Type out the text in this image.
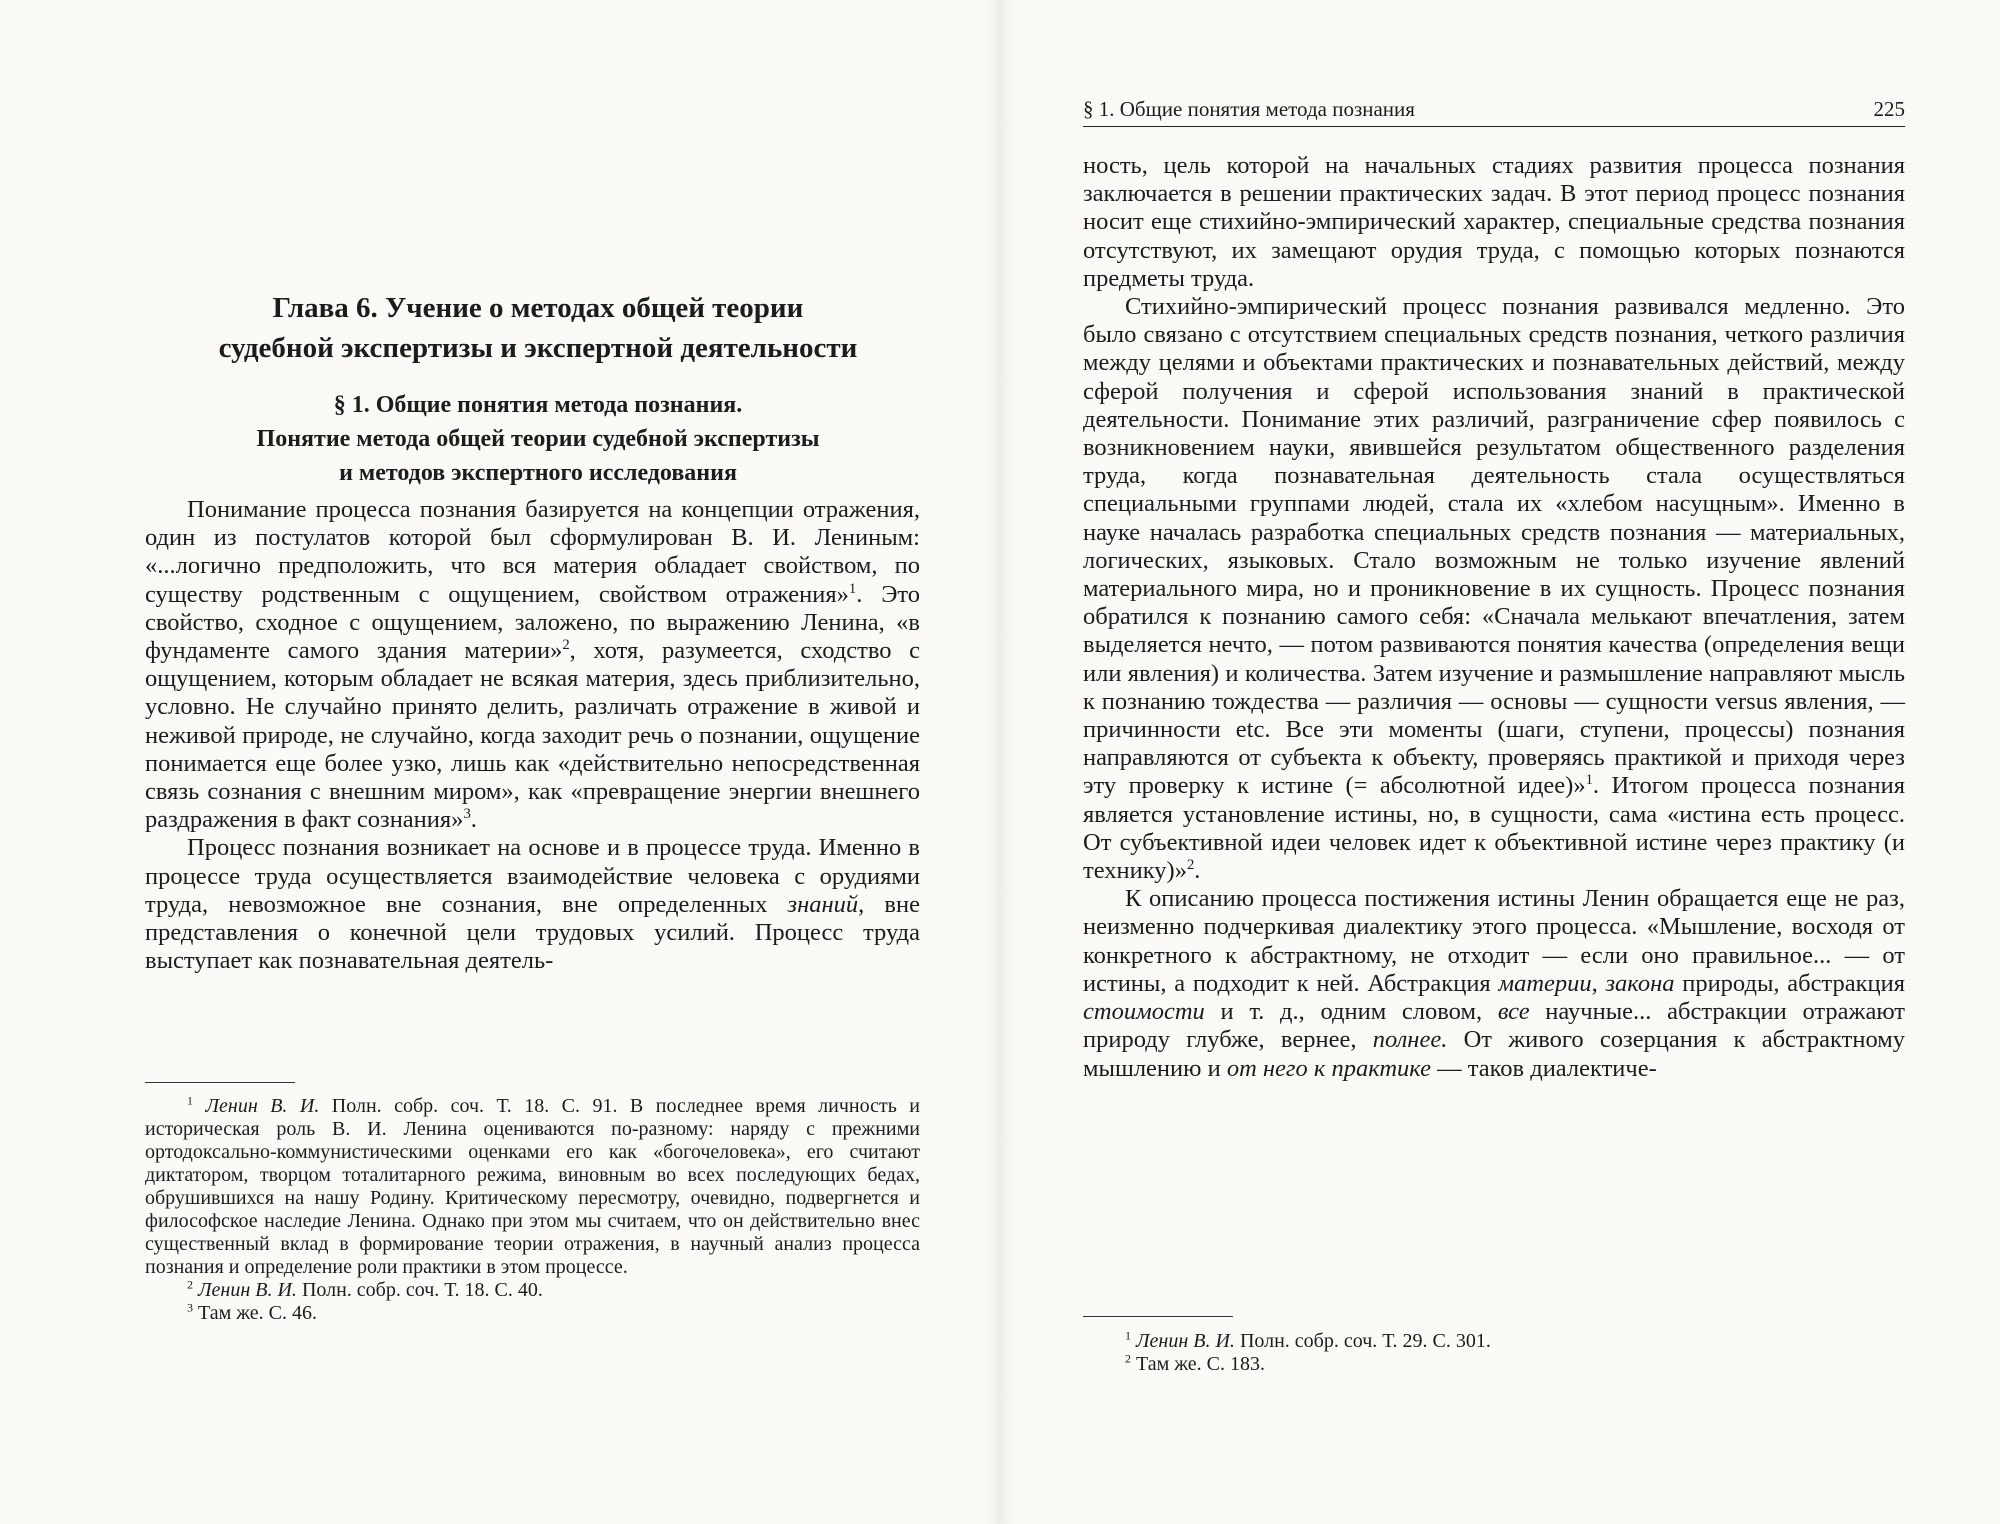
Глава 6. Учение о методах общей теории
судебной экспертизы и экспертной деятельности
§ 1. Общие понятия метода познания.
Понятие метода общей теории судебной экспертизы
и методов экспертного исследования

Понимание процесса познания базируется на концепции отражения, один из постулатов которой был сформулирован В. И. Лениным: «...логично предположить, что вся материя обладает свойством, по существу родственным с ощущением, свойством отражения»$^1$. Это свойство, сходное с ощущением, заложено, по выражению Ленина, «в фундаменте самого здания материи»$^2$, хотя, разумеется, сходство с ощущением, которым обладает не всякая материя, здесь приблизительно, условно. Не случайно принято делить, различать отражение в живой и неживой природе, не случайно, когда заходит речь о познании, ощущение понимается еще более узко, лишь как «действительно непосредственная связь сознания с внешним миром», как «превращение энергии внешнего раздражения в факт сознания»$^3$.

Процесс познания возникает на основе и в процессе труда. Именно в процессе труда осуществляется взаимодействие человека с орудиями труда, невозможное вне сознания, вне определенных знаний, вне представления о конечной цели трудовых усилий. Процесс труда выступает как познавательная деятель-

$^1$ Ленин В. И. Полн. собр. соч. Т. 18. С. 91. В последнее время личность и историческая роль В. И. Ленина оцениваются по-разному: наряду с прежними ортодоксально-коммунистическими оценками его как «богочеловека», его считают диктатором, творцом тоталитарного режима, виновным во всех последующих бедах, обрушившихся на нашу Родину. Критическому пересмотру, очевидно, подвергнется и философское наследие Ленина. Однако при этом мы считаем, что он действительно внес существенный вклад в формирование теории отражения, в научный анализ процесса познания и определение роли практики в этом процессе.

$^2$ Ленин В. И. Полн. собр. соч. Т. 18. С. 40.

$^3$ Там же. С. 46.

§ 1. Общие понятия метода познания	225

ность, цель которой на начальных стадиях развития процесса познания заключается в решении практических задач. В этот период процесс познания носит еще стихийно-эмпирический характер, специальные средства познания отсутствуют, их замещают орудия труда, с помощью которых познаются предметы труда.

Стихийно-эмпирический процесс познания развивался медленно. Это было связано с отсутствием специальных средств познания, четкого различия между целями и объектами практических и познавательных действий, между сферой получения и сферой использования знаний в практической деятельности. Понимание этих различий, разграничение сфер появилось с возникновением науки, явившейся результатом общественного разделения труда, когда познавательная деятельность стала осуществляться специальными группами людей, стала их «хлебом насущным». Именно в науке началась разработка специальных средств познания — материальных, логических, языковых. Стало возможным не только изучение явлений материального мира, но и проникновение в их сущность. Процесс познания обратился к познанию самого себя: «Сначала мелькают впечатления, затем выделяется нечто, — потом развиваются понятия качества (определения вещи или явления) и количества. Затем изучение и размышление направляют мысль к познанию тождества — различия — основы — сущности versus явления, — причинности etc. Все эти моменты (шаги, ступени, процессы) познания направляются от субъекта к объекту, проверяясь практикой и приходя через эту проверку к истине (= абсолютной идее)»$^1$. Итогом процесса познания является установление истины, но, в сущности, сама «истина есть процесс. От субъективной идеи человек идет к объективной истине через практику (и технику)»$^2$.

К описанию процесса постижения истины Ленин обращается еще не раз, неизменно подчеркивая диалектику этого процесса. «Мышление, восходя от конкретного к абстрактному, не отходит — если оно правильное... — от истины, а подходит к ней. Абстракция материи, закона природы, абстракция стоимости и т. д., одним словом, все научные... абстракции отражают природу глубже, вернее, полнее. От живого созерцания к абстрактному мышлению и от него к практике — таков диалектиче-

$^1$ Ленин В. И. Полн. собр. соч. Т. 29. С. 301.

$^2$ Там же. С. 183.
